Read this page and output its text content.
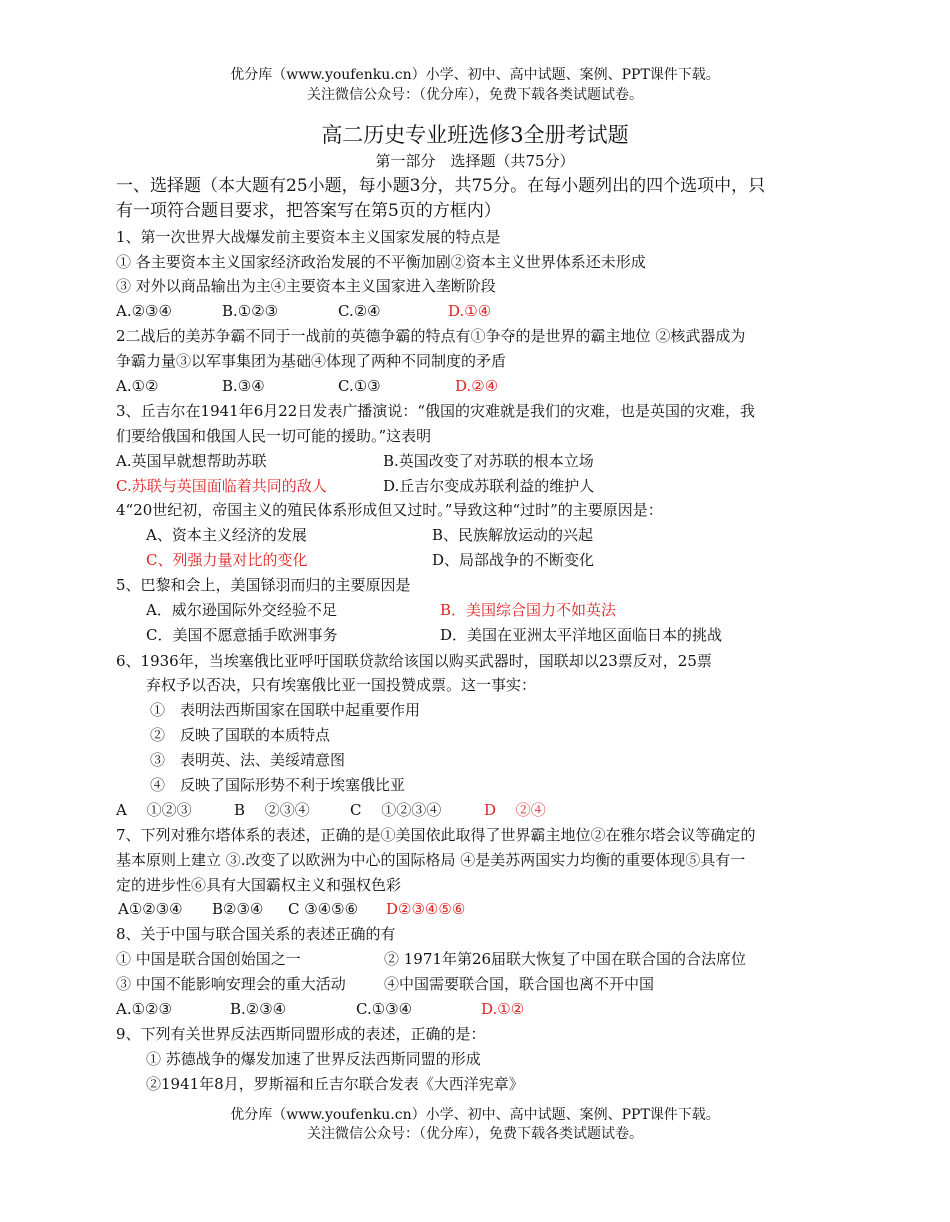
优分库（www.youfenku.cn）小学、初中、高中试题、案例、PPT课件下载。
关注微信公众号：（优分库），免费下载各类试题试卷。
高二历史专业班选修3全册考试题
第一部分　选择题（共75分）
一、选择题（本大题有25小题，每小题3分，共75分。在每小题列出的四个选项中，只
有一项符合题目要求，把答案写在第5页的方框内）
1、第一次世界大战爆发前主要资本主义国家发展的特点是
① 各主要资本主义国家经济政治发展的不平衡加剧②资本主义世界体系还未形成
③ 对外以商品输出为主④主要资本主义国家进入垄断阶段
A.②③④	B.①②③	C.②④	D.①④
2二战后的美苏争霸不同于一战前的英德争霸的特点有①争夺的是世界的霸主地位 ②核武器成为
争霸力量③以军事集团为基础④体现了两种不同制度的矛盾
A.①②	B.③④	C.①③	D.②④
3、丘吉尔在1941年6月22日发表广播演说：“俄国的灾难就是我们的灾难，也是英国的灾难，我
们要给俄国和俄国人民一切可能的援助。”这表明
A.英国早就想帮助苏联	B.英国改变了对苏联的根本立场
C.苏联与英国面临着共同的敌人	D.丘吉尔变成苏联利益的维护人
4“20世纪初，帝国主义的殖民体系形成但又过时。”导致这种“过时”的主要原因是：
A、资本主义经济的发展	B、民族解放运动的兴起
C、列强力量对比的变化	D、局部战争的不断变化
5、巴黎和会上，美国铩羽而归的主要原因是
A．威尔逊国际外交经验不足	B．美国综合国力不如英法
C．美国不愿意插手欧洲事务	D．美国在亚洲太平洋地区面临日本的挑战
6、1936年，当埃塞俄比亚呼吁国联贷款给该国以购买武器时，国联却以23票反对，25票
弃权予以否决，只有埃塞俄比亚一国投赞成票。这一事实：
①　表明法西斯国家在国联中起重要作用
②　反映了国联的本质特点
③　表明英、法、美绥靖意图
④　反映了国际形势不利于埃塞俄比亚
A　 ①②③	B　 ②③④	C　 ①②③④	D　 ②④
7、下列对雅尔塔体系的表述，正确的是①美国依此取得了世界霸主地位②在雅尔塔会议等确定的
基本原则上建立 ③.改变了以欧洲为中心的国际格局 ④是美苏两国实力均衡的重要体现⑤具有一
定的进步性⑥具有大国霸权主义和强权色彩
A①②③④ B②③④ C ③④⑤⑥ D②③④⑤⑥
8、关于中国与联合国关系的表述正确的有
① 中国是联合国创始国之一	② 1971年第26届联大恢复了中国在联合国的合法席位
③ 中国不能影响安理会的重大活动	④中国需要联合国，联合国也离不开中国
A.①②③	B.②③④	C.①③④	D.①②
9、下列有关世界反法西斯同盟形成的表述，正确的是：
① 苏德战争的爆发加速了世界反法西斯同盟的形成
②1941年8月，罗斯福和丘吉尔联合发表《大西洋宪章》
优分库（www.youfenku.cn）小学、初中、高中试题、案例、PPT课件下载。
关注微信公众号：（优分库），免费下载各类试题试卷。
